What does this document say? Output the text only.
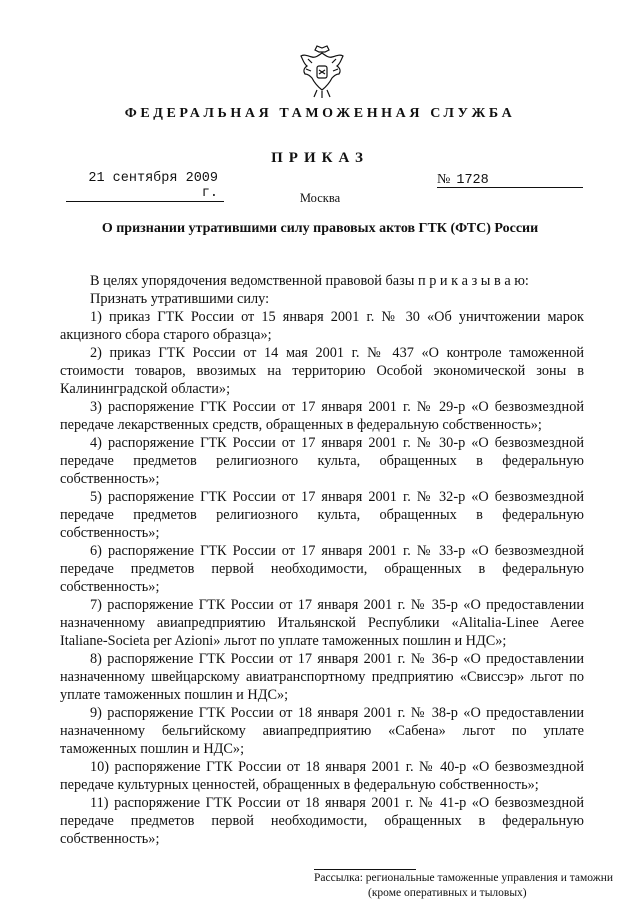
ФЕДЕРАЛЬНАЯ ТАМОЖЕННАЯ СЛУЖБА
ПРИКАЗ
21 сентября 2009 г.
№ 1728
Москва
О признании утратившими силу правовых актов ГТК (ФТС) России

В целях упорядочения ведомственной правовой базы п р и к а з ы в а ю:

Признать утратившими силу:

1) приказ ГТК России от 15 января 2001 г. № 30 «Об уничтожении марок акцизного сбора старого образца»;

2) приказ ГТК России от 14 мая 2001 г. № 437 «О контроле таможенной стоимости товаров, ввозимых на территорию Особой экономической зоны в Калининградской области»;

3) распоряжение ГТК России от 17 января 2001 г. № 29-р «О безвозмездной передаче лекарственных средств, обращенных в федеральную собственность»;

4) распоряжение ГТК России от 17 января 2001 г. № 30-р «О безвозмездной передаче предметов религиозного культа, обращенных в федеральную собственность»;

5) распоряжение ГТК России от 17 января 2001 г. № 32-р «О безвозмездной передаче предметов религиозного культа, обращенных в федеральную собственность»;

6) распоряжение ГТК России от 17 января 2001 г. № 33-р «О безвозмездной передаче предметов первой необходимости, обращенных в федеральную собственность»;

7) распоряжение ГТК России от 17 января 2001 г. № 35-р «О предоставлении назначенному авиапредприятию Итальянской Республики «Alitalia-Linee Aeree Italiane-Societa per Azioni» льгот по уплате таможенных пошлин и НДС»;

8) распоряжение ГТК России от 17 января 2001 г. № 36-р «О предоставлении назначенному швейцарскому авиатранспортному предприятию «Свиссэр» льгот по уплате таможенных пошлин и НДС»;

9) распоряжение ГТК России от 18 января 2001 г. № 38-р «О предоставлении назначенному бельгийскому авиапредприятию «Сабена» льгот по уплате таможенных пошлин и НДС»;

10) распоряжение ГТК России от 18 января 2001 г. № 40-р «О безвозмездной передаче культурных ценностей, обращенных в федеральную собственность»;

11) распоряжение ГТК России от 18 января 2001 г. № 41-р «О безвозмездной передаче предметов первой необходимости, обращенных в федеральную собственность»;

Рассылка: региональные таможенные управления и таможни
(кроме оперативных и тыловых)
